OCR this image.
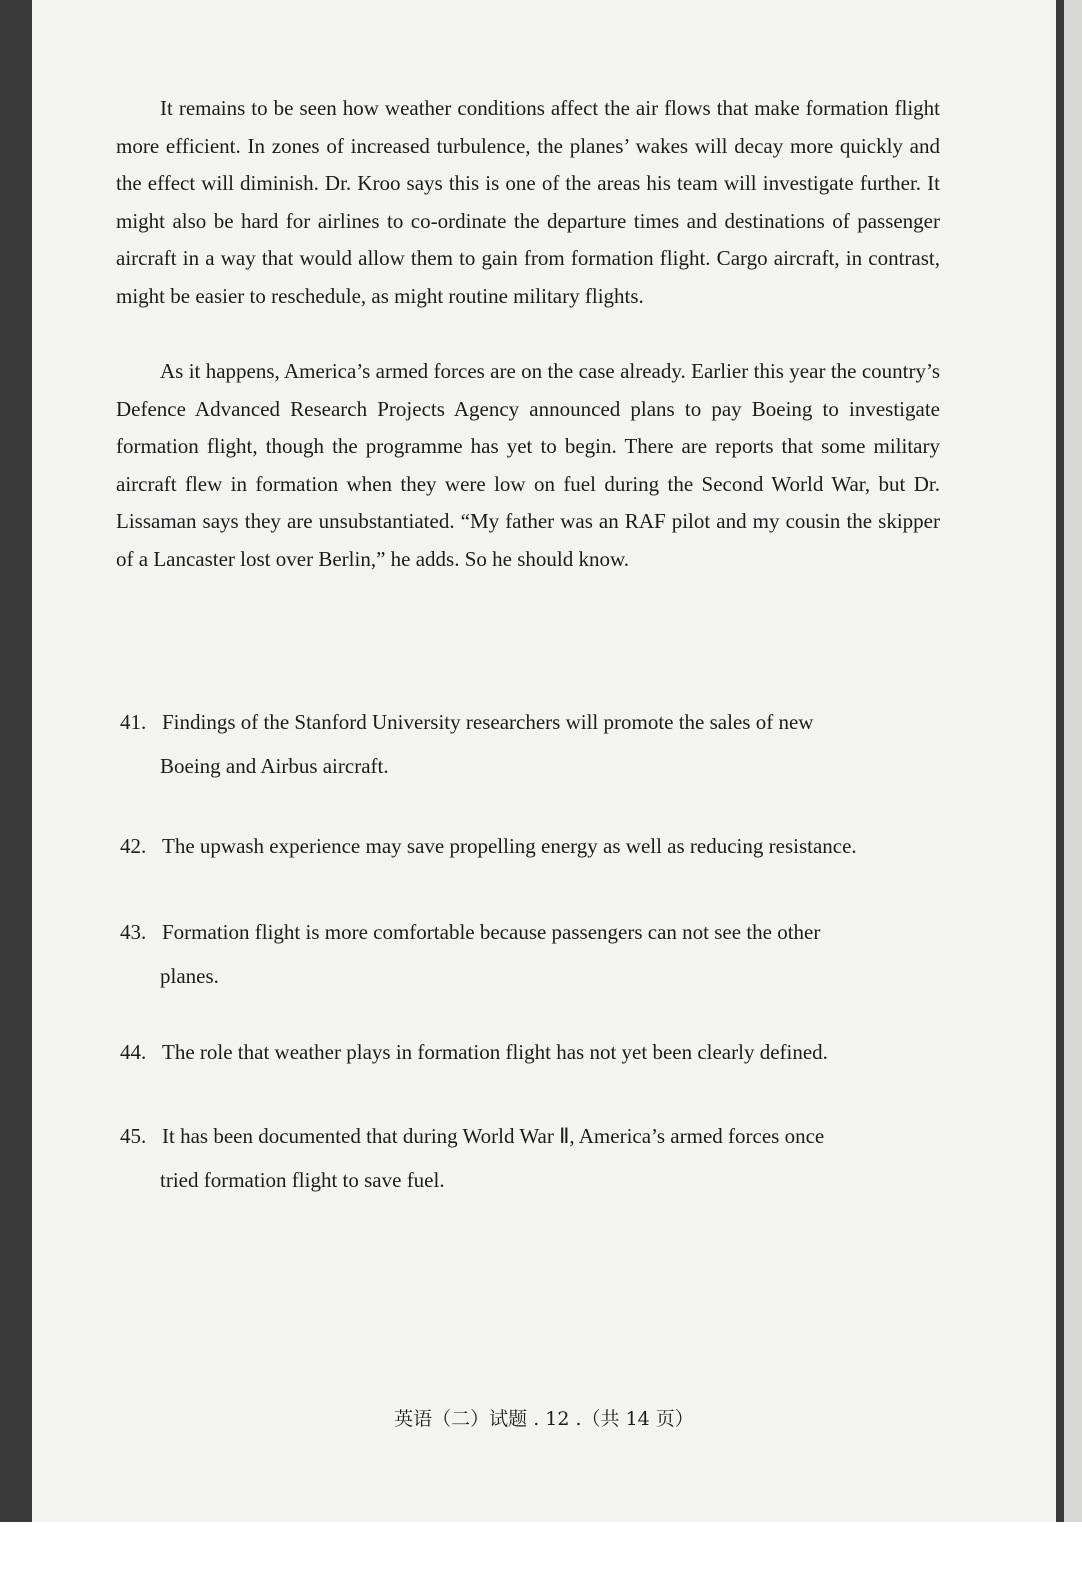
It remains to be seen how weather conditions affect the air flows that make formation flight more efficient. In zones of increased turbulence, the planes’ wakes will decay more quickly and the effect will diminish. Dr. Kroo says this is one of the areas his team will investigate further. It might also be hard for airlines to co-ordinate the departure times and destinations of passenger aircraft in a way that would allow them to gain from formation flight. Cargo aircraft, in contrast, might be easier to reschedule, as might routine military flights.
As it happens, America’s armed forces are on the case already. Earlier this year the country’s Defence Advanced Research Projects Agency announced plans to pay Boeing to investigate formation flight, though the programme has yet to begin. There are reports that some military aircraft flew in formation when they were low on fuel during the Second World War, but Dr. Lissaman says they are unsubstantiated. “My father was an RAF pilot and my cousin the skipper of a Lancaster lost over Berlin,” he adds. So he should know.
41. Findings of the Stanford University researchers will promote the sales of new
Boeing and Airbus aircraft.
42. The upwash experience may save propelling energy as well as reducing resistance.
43. Formation flight is more comfortable because passengers can not see the other
planes.
44. The role that weather plays in formation flight has not yet been clearly defined.
45. It has been documented that during World War Ⅱ, America’s armed forces once
tried formation flight to save fuel.
英语（二）试题 . 12 .（共 14 页）
